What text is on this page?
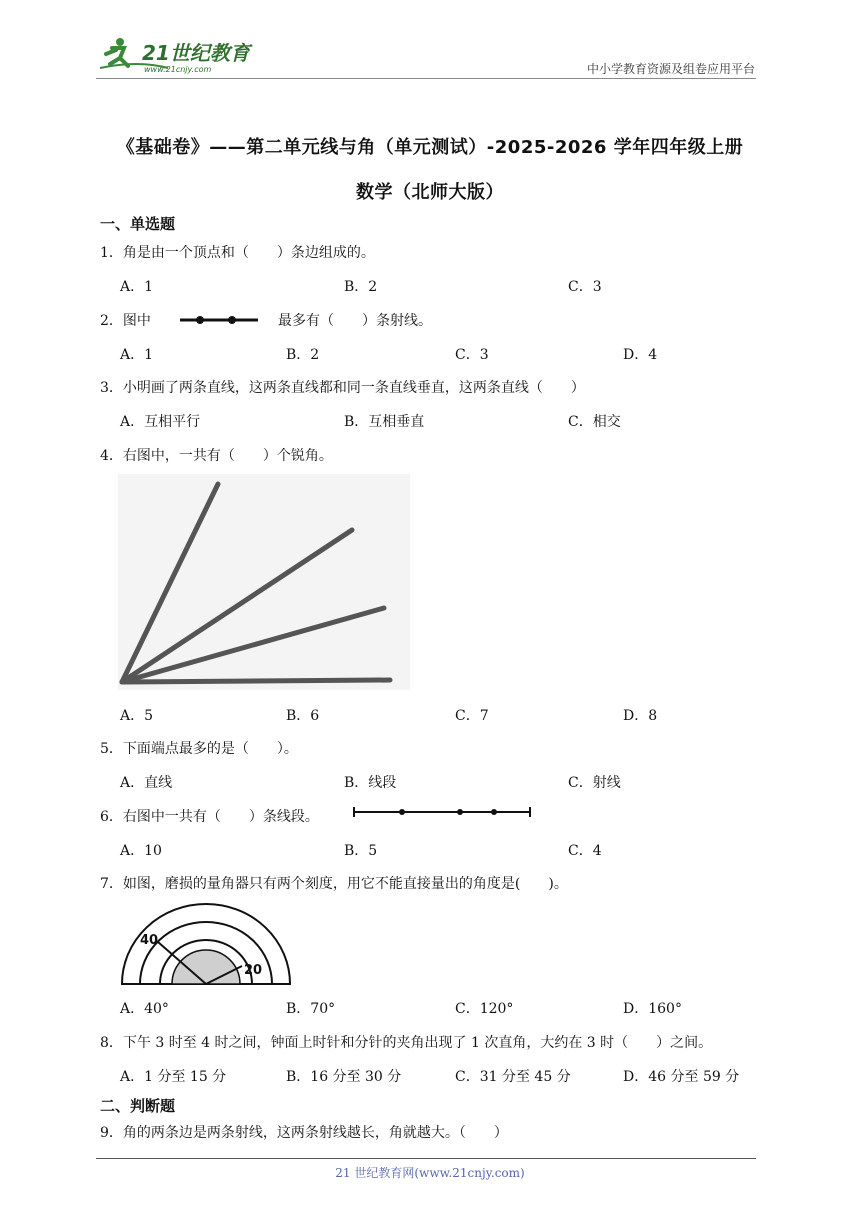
21世纪教育
www.21cnjy.com	中小学教育资源及组卷应用平台
《基础卷》——第二单元线与角（单元测试）-2025-2026 学年四年级上册
数学（北师大版）
一、单选题
1．角是由一个顶点和（　　）条边组成的。
A．1	B．2	C．3
2．图中	最多有（　　）条射线。
A．1	B．2	C．3	D．4
3．小明画了两条直线，这两条直线都和同一条直线垂直，这两条直线（　　）
A．互相平行	B．互相垂直	C．相交
4．右图中，一共有（　　）个锐角。
A．5	B．6	C．7	D．8
5．下面端点最多的是（　　）。
A．直线	B．线段	C．射线
6．右图中一共有（　　）条线段。
A．10	B．5	C．4
7．如图，磨损的量角器只有两个刻度，用它不能直接量出的角度是(　　)。
40
20
A．40°	B．70°	C．120°	D．160°
8．下午 3 时至 4 时之间，钟面上时针和分针的夹角出现了 1 次直角，大约在 3 时（　　）之间。
A．1 分至 15 分	B．16 分至 30 分	C．31 分至 45 分	D．46 分至 59 分
二、判断题
9．角的两条边是两条射线，这两条射线越长，角就越大。（　　）
21 世纪教育网(www.21cnjy.com)
